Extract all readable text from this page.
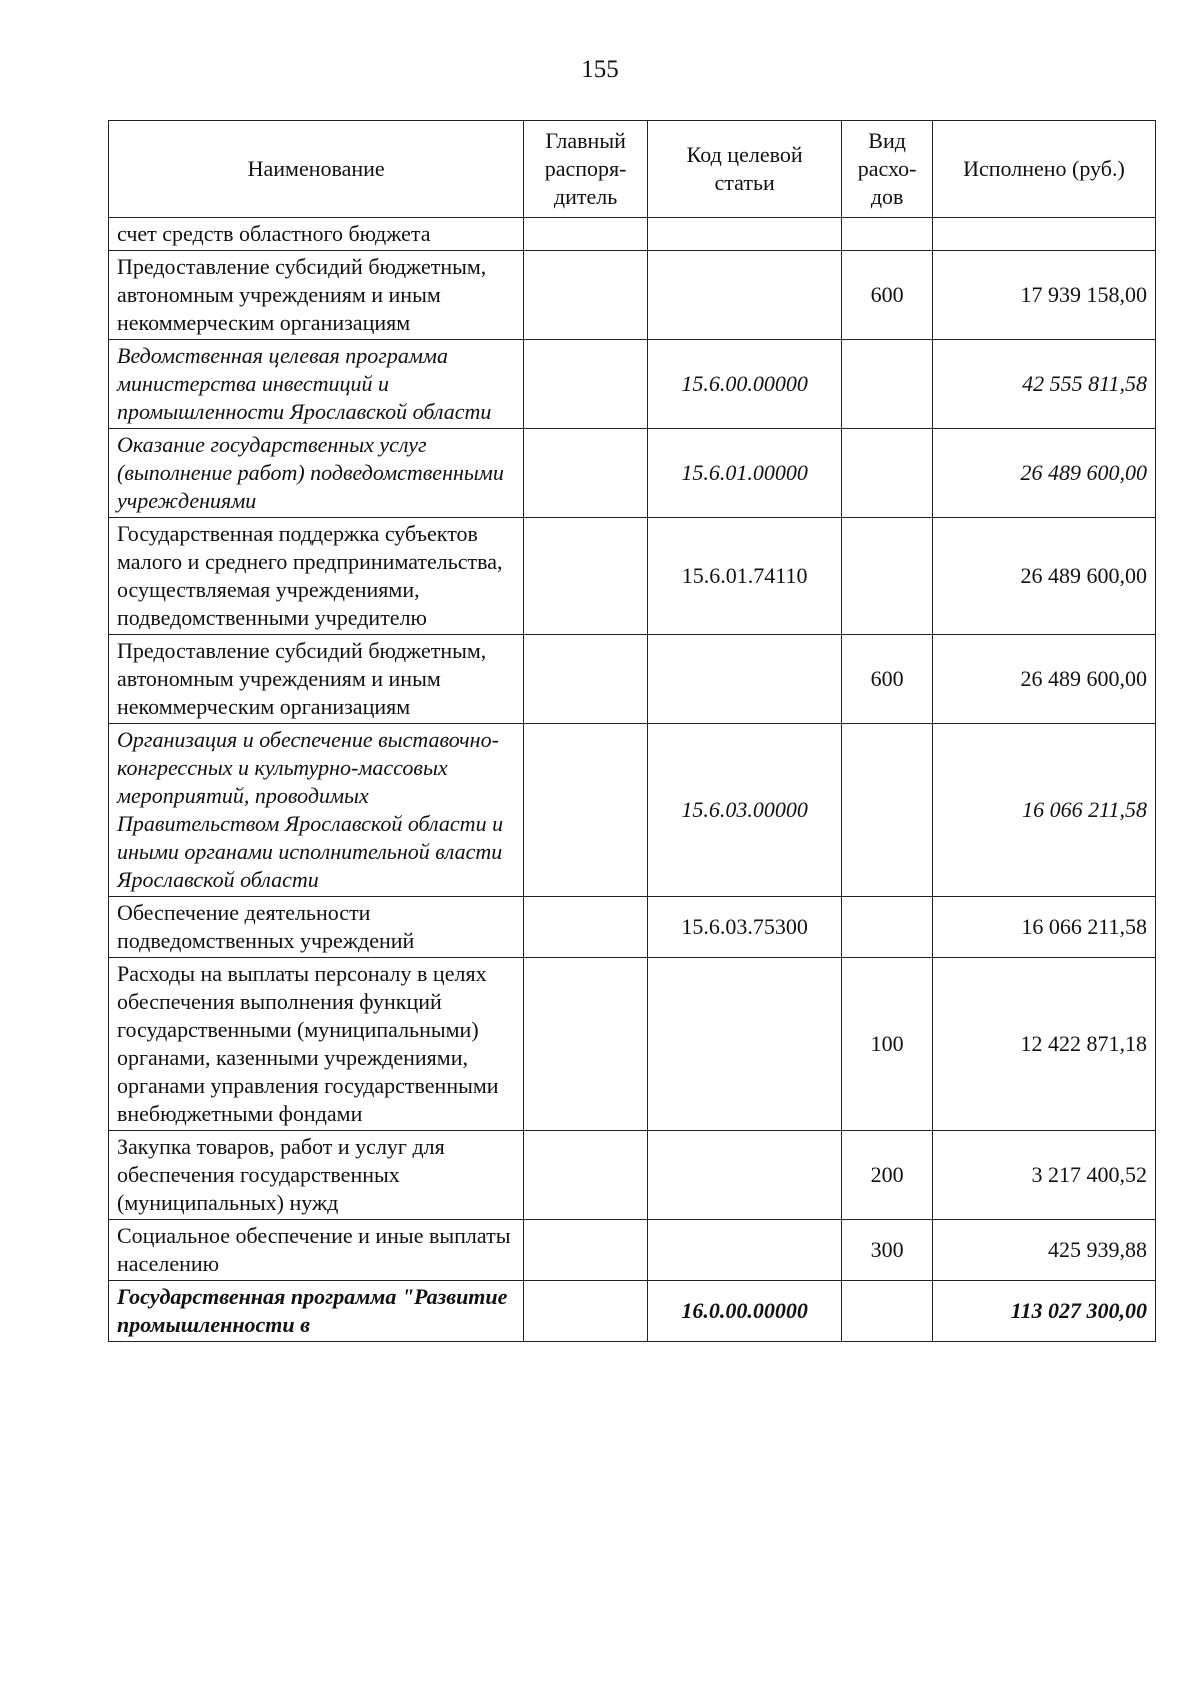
155
Наименование	Главный распоря-дитель	Код целевой статьи	Вид расхо-дов	Исполнено (руб.)
счет средств областного бюджета				
Предоставление субсидий бюджетным, автономным учреждениям и иным некоммерческим организациям			600	17 939 158,00
Ведомственная целевая программа министерства инвестиций и промышленности Ярославской области		15.6.00.00000		42 555 811,58
Оказание государственных услуг (выполнение работ) подведомственными учреждениями		15.6.01.00000		26 489 600,00
Государственная поддержка субъектов малого и среднего предпринимательства, осуществляемая учреждениями, подведомственными учредителю		15.6.01.74110		26 489 600,00
Предоставление субсидий бюджетным, автономным учреждениям и иным некоммерческим организациям			600	26 489 600,00
Организация и обеспечение выставочно-конгрессных и культурно-массовых мероприятий, проводимых Правительством Ярославской области и иными органами исполнительной власти Ярославской области		15.6.03.00000		16 066 211,58
Обеспечение деятельности подведомственных учреждений		15.6.03.75300		16 066 211,58
Расходы на выплаты персоналу в целях обеспечения выполнения функций государственными (муниципальными) органами, казенными учреждениями, органами управления государственными внебюджетными фондами			100	12 422 871,18
Закупка товаров, работ и услуг для обеспечения государственных (муниципальных) нужд			200	3 217 400,52
Социальное обеспечение и иные выплаты населению			300	425 939,88
Государственная программа "Развитие промышленности в		16.0.00.00000		113 027 300,00
